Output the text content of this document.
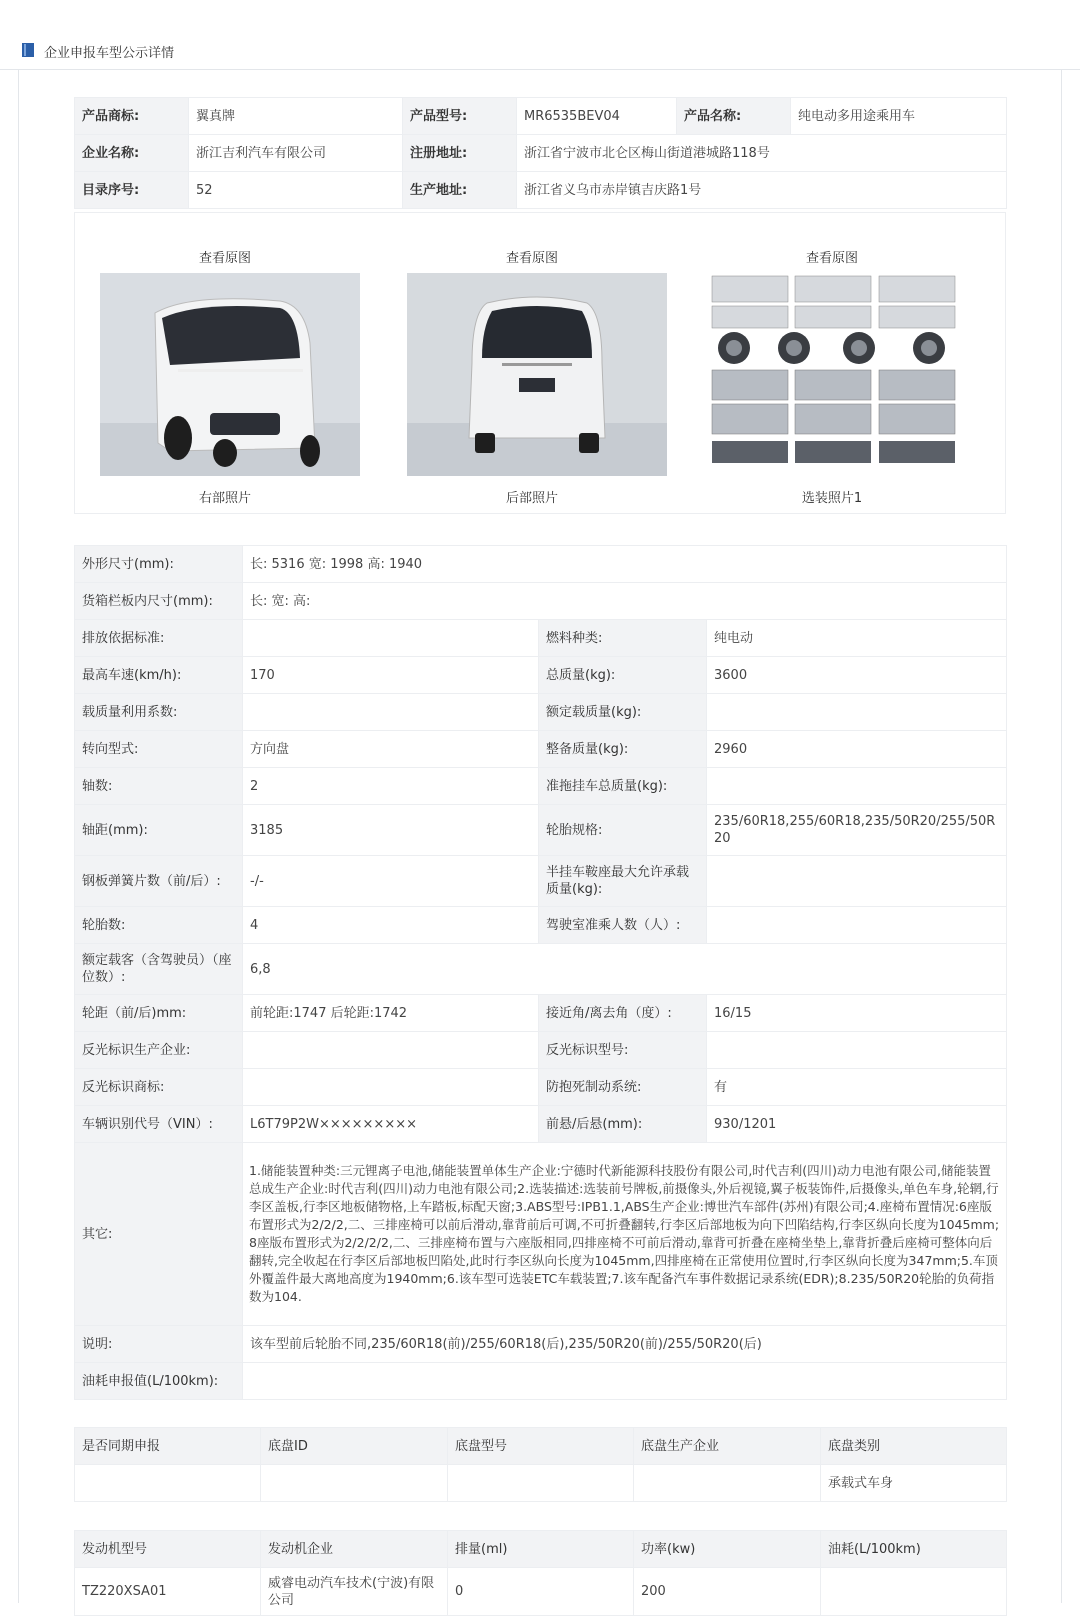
企业申报车型公示详情
产品商标:	翼真牌	产品型号:	MR6535BEV04	产品名称:	纯电动多用途乘用车
企业名称:	浙江吉利汽车有限公司	注册地址:	浙江省宁波市北仑区梅山街道港城路118号		
目录序号:	52	生产地址:	浙江省义乌市赤岸镇吉庆路1号		
查看原图
右部照片
查看原图
后部照片
查看原图
选装照片1
外形尺寸(mm):	长: 5316 宽: 1998 高: 1940		
货箱栏板内尺寸(mm):	长: 宽: 高:		
排放依据标准:		燃料种类:	纯电动
最高车速(km/h):	170	总质量(kg):	3600
载质量利用系数:		额定载质量(kg):	
转向型式:	方向盘	整备质量(kg):	2960
轴数:	2	准拖挂车总质量(kg):	
轴距(mm):	3185	轮胎规格:	235/60R18,255/60R18,235/50R20/255/50R20
钢板弹簧片数（前/后）:	-/-	半挂车鞍座最大允许承载质量(kg):	
轮胎数:	4	驾驶室准乘人数（人）:	
额定载客（含驾驶员）（座位数）:	6,8		
轮距（前/后)mm:	前轮距:1747 后轮距:1742	接近角/离去角（度）:	16/15
反光标识生产企业:		反光标识型号:	
反光标识商标:		防抱死制动系统:	有
车辆识别代号（VIN）:	L6T79P2W×××××××××	前悬/后悬(mm):	930/1201
其它:	1.储能装置种类:三元锂离子电池,储能装置单体生产企业:宁德时代新能源科技股份有限公司,时代吉利(四川)动力电池有限公司,储能装置总成生产企业:时代吉利(四川)动力电池有限公司;2.选装描述:选装前号牌板,前摄像头,外后视镜,翼子板装饰件,后摄像头,单色车身,轮辋,行李区盖板,行李区地板储物格,上车踏板,标配天窗;3.ABS型号:IPB1.1,ABS生产企业:博世汽车部件(苏州)有限公司;4.座椅布置情况:6座版布置形式为2/2/2,二、三排座椅可以前后滑动,靠背前后可调,不可折叠翻转,行李区后部地板为向下凹陷结构,行李区纵向长度为1045mm;8座版布置形式为2/2/2/2,二、三排座椅布置与六座版相同,四排座椅不可前后滑动,靠背可折叠在座椅坐垫上,靠背折叠后座椅可整体向后翻转,完全收起在行李区后部地板凹陷处,此时行李区纵向长度为1045mm,四排座椅在正常使用位置时,行李区纵向长度为347mm;5.车顶外覆盖件最大离地高度为1940mm;6.该车型可选装ETC车载装置;7.该车配备汽车事件数据记录系统(EDR);8.235/50R20轮胎的负荷指数为104.		
说明:	该车型前后轮胎不同,235/60R18(前)/255/60R18(后),235/50R20(前)/255/50R20(后)		
油耗申报值(L/100km):			
是否同期申报	底盘ID	底盘型号	底盘生产企业	底盘类别
				承载式车身
发动机型号	发动机企业	排量(ml)	功率(kw)	油耗(L/100km)
TZ220XSA01	威睿电动汽车技术(宁波)有限公司	0	200	
